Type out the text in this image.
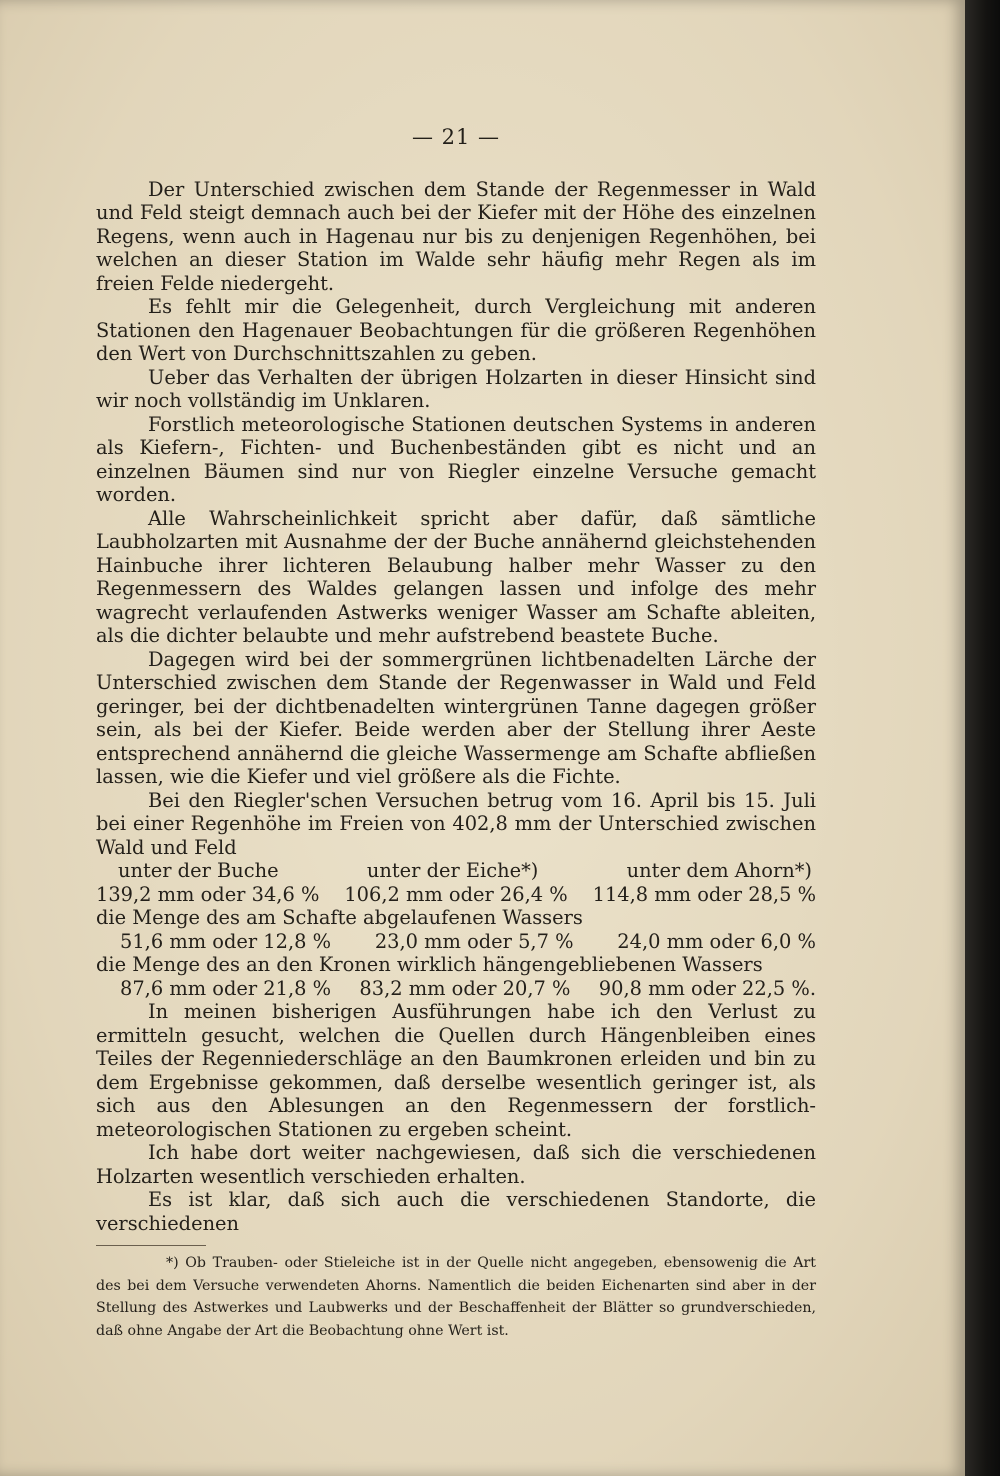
— 21 —

Der Unterschied zwischen dem Stande der Regenmesser in Wald und Feld steigt demnach auch bei der Kiefer mit der Höhe des einzelnen Regens, wenn auch in Hagenau nur bis zu denjenigen Regenhöhen, bei welchen an dieser Station im Walde sehr häufig mehr Regen als im freien Felde niedergeht.

Es fehlt mir die Gelegenheit, durch Vergleichung mit anderen Stationen den Hagenauer Beobachtungen für die größeren Regenhöhen den Wert von Durchschnittszahlen zu geben.

Ueber das Verhalten der übrigen Holzarten in dieser Hinsicht sind wir noch vollständig im Unklaren.

Forstlich meteorologische Stationen deutschen Systems in anderen als Kiefern-, Fichten- und Buchenbeständen gibt es nicht und an einzelnen Bäumen sind nur von Riegler einzelne Versuche gemacht worden.

Alle Wahrscheinlichkeit spricht aber dafür, daß sämtliche Laubholzarten mit Ausnahme der der Buche annähernd gleichstehenden Hainbuche ihrer lichteren Belaubung halber mehr Wasser zu den Regenmessern des Waldes gelangen lassen und infolge des mehr wagrecht verlaufenden Astwerks weniger Wasser am Schafte ableiten, als die dichter belaubte und mehr aufstrebend beastete Buche.

Dagegen wird bei der sommergrünen lichtbenadelten Lärche der Unterschied zwischen dem Stande der Regenwasser in Wald und Feld geringer, bei der dichtbenadelten wintergrünen Tanne dagegen größer sein, als bei der Kiefer. Beide werden aber der Stellung ihrer Aeste entsprechend annähernd die gleiche Wassermenge am Schafte abfließen lassen, wie die Kiefer und viel größere als die Fichte.

Bei den Riegler'schen Versuchen betrug vom 16. April bis 15. Juli bei einer Regenhöhe im Freien von 402,8 mm der Unterschied zwischen Wald und Feld

unter der Buche	unter der Eiche*)	unter dem Ahorn*)
139,2 mm oder 34,6 % 106,2 mm oder 26,4 % 114,8 mm oder 28,5 %
die Menge des am Schafte abgelaufenen Wassers
51,6 mm oder 12,8 % 23,0 mm oder 5,7 % 24,0 mm oder 6,0 %
die Menge des an den Kronen wirklich hängengebliebenen Wassers
87,6 mm oder 21,8 % 83,2 mm oder 20,7 % 90,8 mm oder 22,5 %.

In meinen bisherigen Ausführungen habe ich den Verlust zu ermitteln gesucht, welchen die Quellen durch Hängenbleiben eines Teiles der Regenniederschläge an den Baumkronen erleiden und bin zu dem Ergebnisse gekommen, daß derselbe wesentlich geringer ist, als sich aus den Ablesungen an den Regenmessern der forstlich-meteorologischen Stationen zu ergeben scheint.

Ich habe dort weiter nachgewiesen, daß sich die verschiedenen Holzarten wesentlich verschieden erhalten.

Es ist klar, daß sich auch die verschiedenen Standorte, die verschiedenen

*) Ob Trauben- oder Stieleiche ist in der Quelle nicht angegeben, ebensowenig die Art des bei dem Versuche verwendeten Ahorns. Namentlich die beiden Eichenarten sind aber in der Stellung des Astwerkes und Laubwerks und der Beschaffenheit der Blätter so grundverschieden, daß ohne Angabe der Art die Beobachtung ohne Wert ist.
